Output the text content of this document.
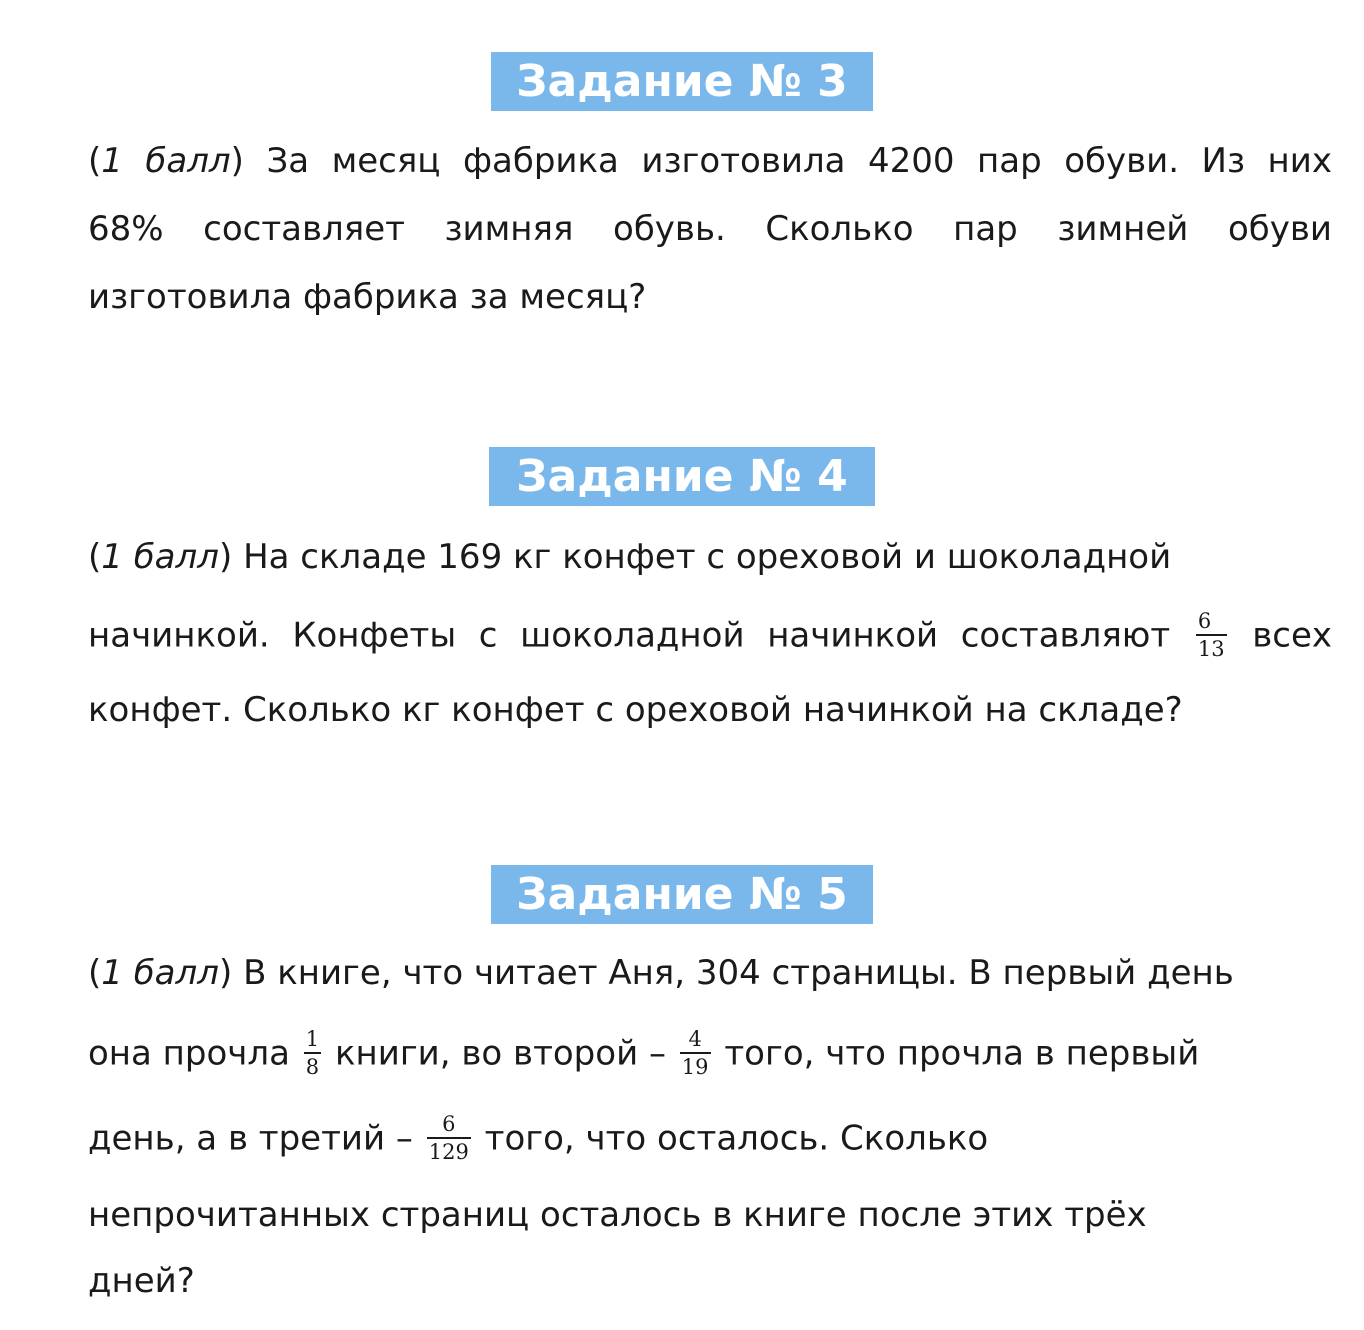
Задание № 3
(1 балл) За месяц фабрика изготовила 4200 пар обуви. Из них
68% составляет зимняя обувь. Сколько пар зимней обуви
изготовила фабрика за месяц?
Задание № 4
(1 балл) На складе 169 кг конфет с ореховой и шоколадной
начинкой. Конфеты с шоколадной начинкой составляют $\frac{6}{13}$ всех
конфет. Сколько кг конфет с ореховой начинкой на складе?
Задание № 5
(1 балл) В книге, что читает Аня, 304 страницы. В первый день
она прочла $\frac{1}{8}$ книги, во второй – $\frac{4}{19}$ того, что прочла в первый
день, а в третий – $\frac{6}{129}$ того, что осталось. Сколько
непрочитанных страниц осталось в книге после этих трёх
дней?
